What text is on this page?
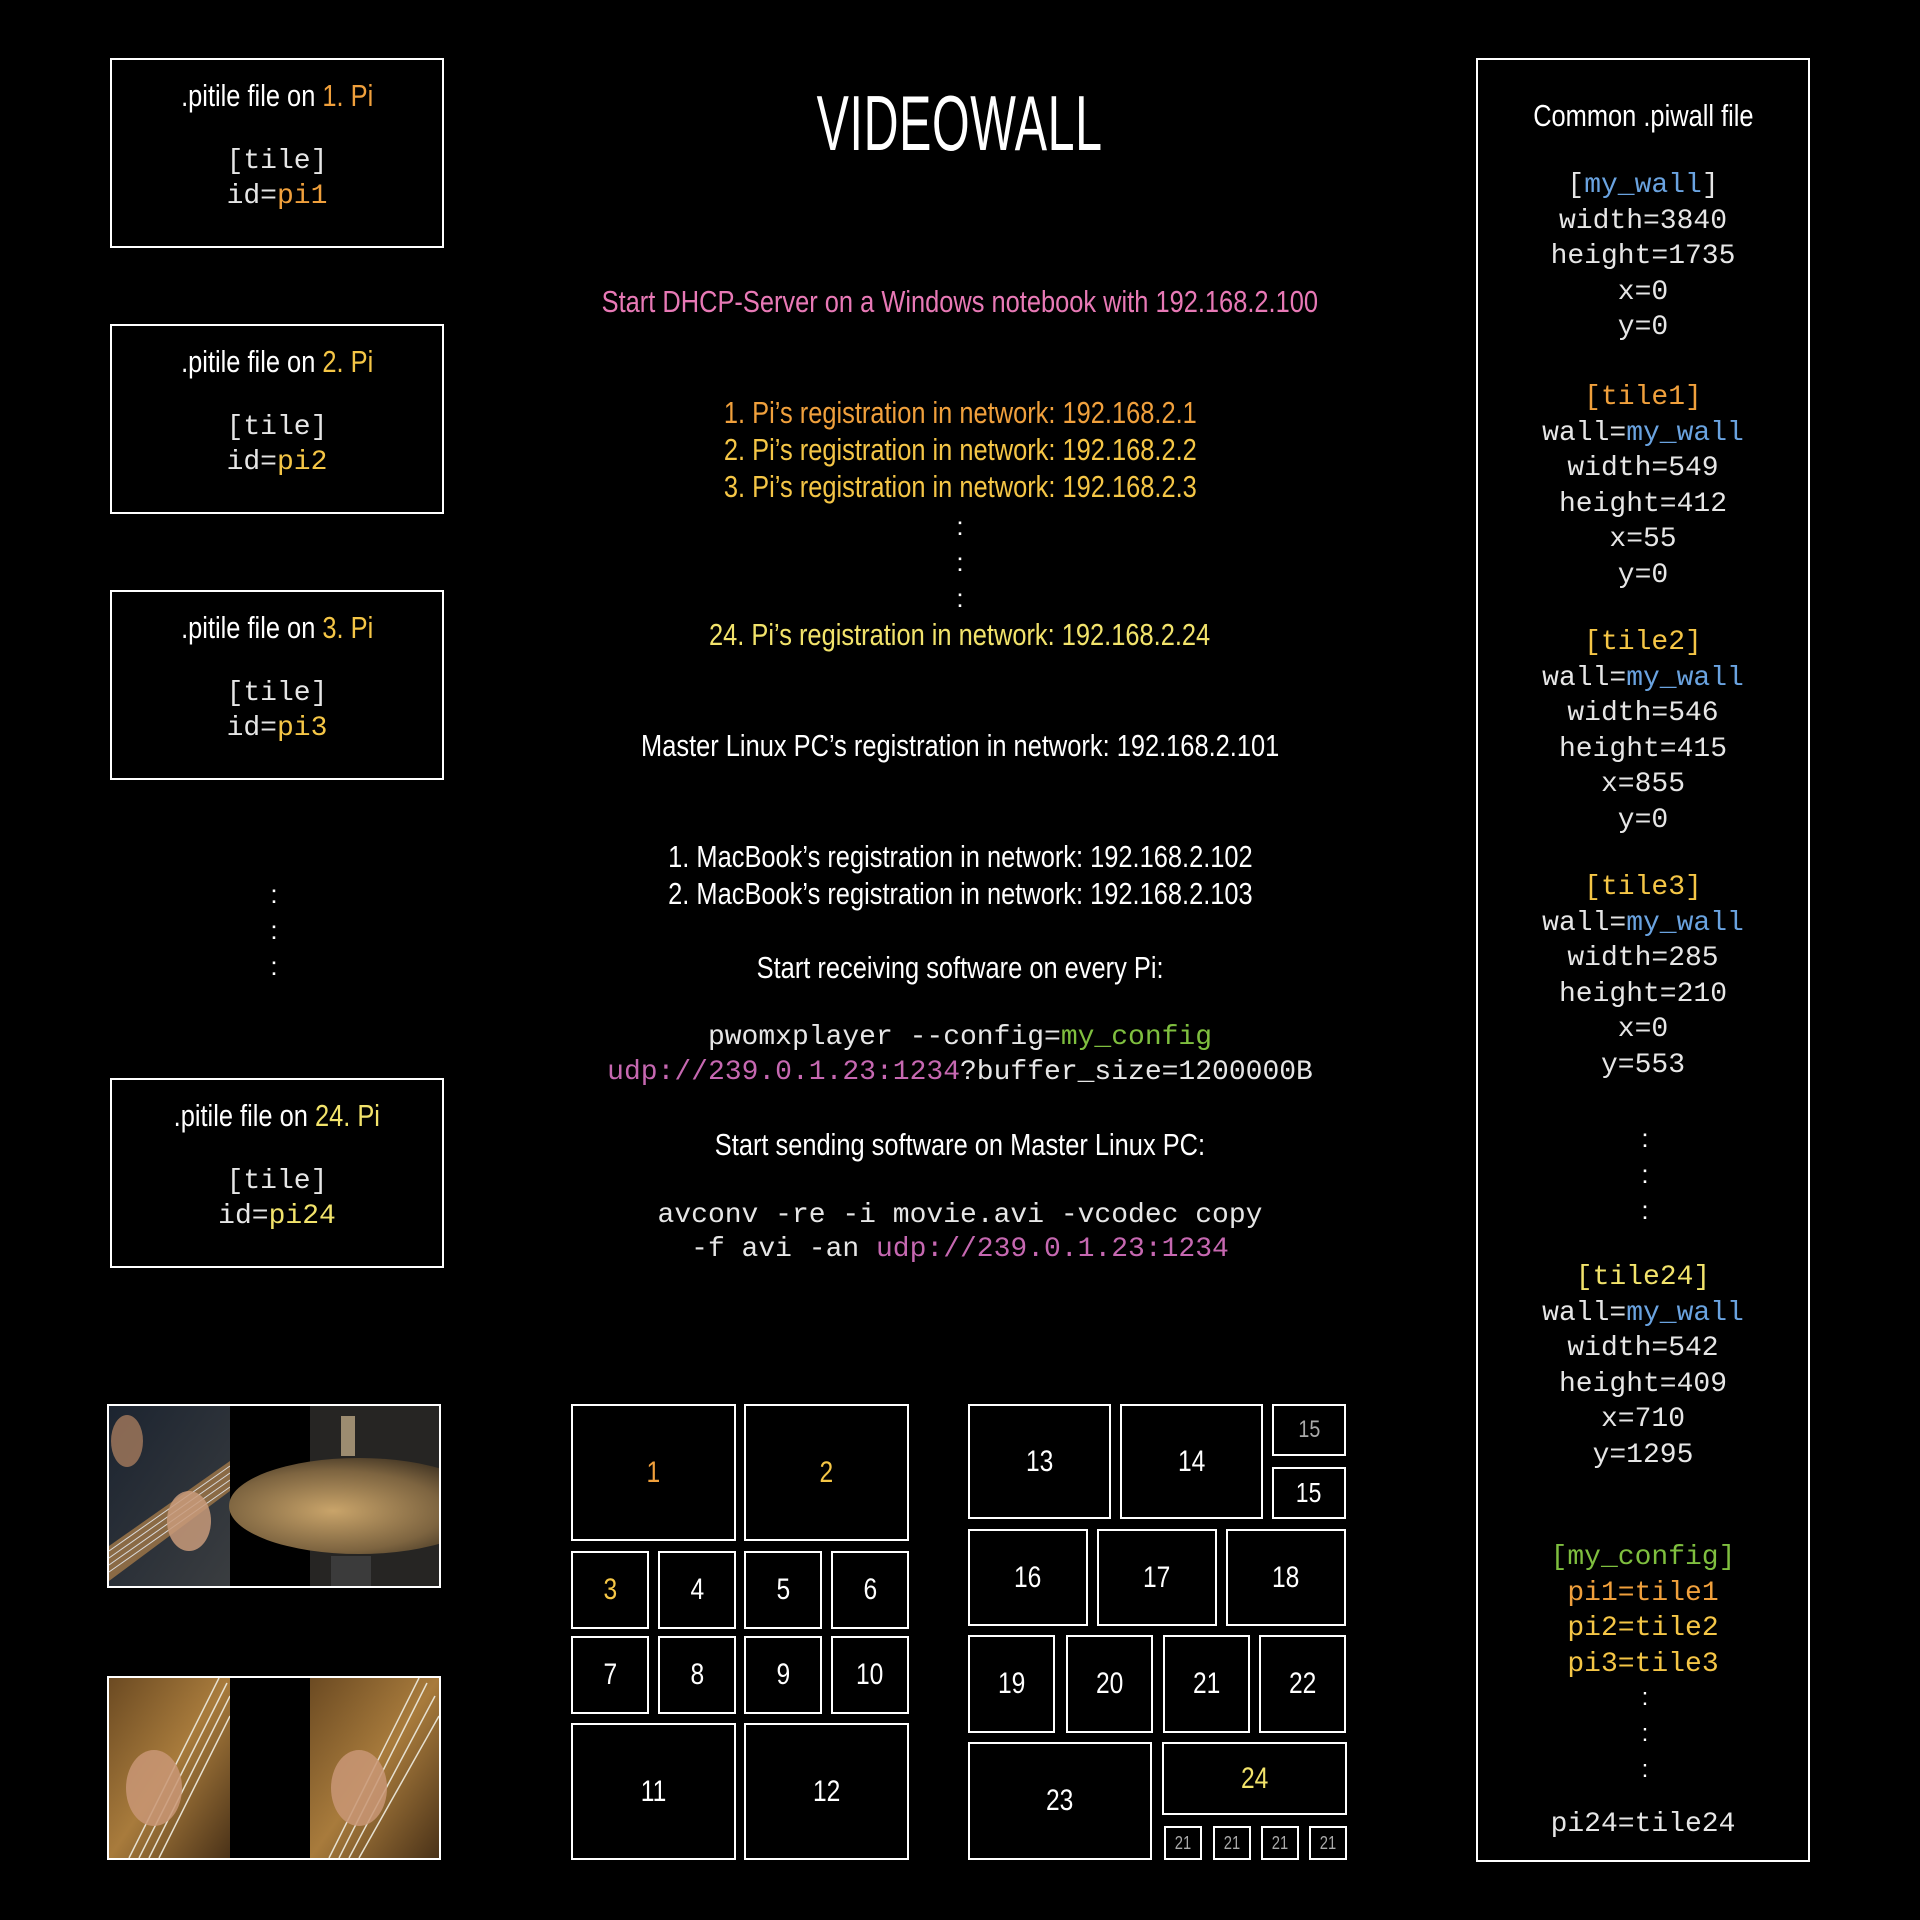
VIDEOWALL
.pitile file on 1. Pi
[tile]
id=pi1
.pitile file on 2. Pi
[tile]
id=pi2
.pitile file on 3. Pi
[tile]
id=pi3
:
:
:
.pitile file on 24. Pi
[tile]
id=pi24
Start DHCP-Server on a Windows notebook with 192.168.2.100
1. Pi’s registration in network: 192.168.2.1
2. Pi’s registration in network: 192.168.2.2
3. Pi’s registration in network: 192.168.2.3
:
:
:
24. Pi’s registration in network: 192.168.2.24
Master Linux PC’s registration in network: 192.168.2.101
1. MacBook’s registration in network: 192.168.2.102
2. MacBook’s registration in network: 192.168.2.103
Start receiving software on every Pi:
pwomxplayer --config=my_config
udp://239.0.1.23:1234?buffer_size=1200000B
Start sending software on Master Linux PC:
avconv -re -i movie.avi -vcodec copy
-f avi -an udp://239.0.1.23:1234
Common .piwall file
[my_wall]
width=3840
height=1735
x=0
y=0
[tile1]
wall=my_wall
width=549
height=412
x=55
y=0
[tile2]
wall=my_wall
width=546
height=415
x=855
y=0
[tile3]
wall=my_wall
width=285
height=210
x=0
y=553
:
:
:
[tile24]
wall=my_wall
width=542
height=409
x=710
y=1295
[my_config]
pi1=tile1
pi2=tile2
pi3=tile3
:
:
:
pi24=tile24
1	2
3 4 5 6
7 8 9 10
11	12
13	14
15
15
16	17	18
19 20 21 22
23
24
21 21 21 21
